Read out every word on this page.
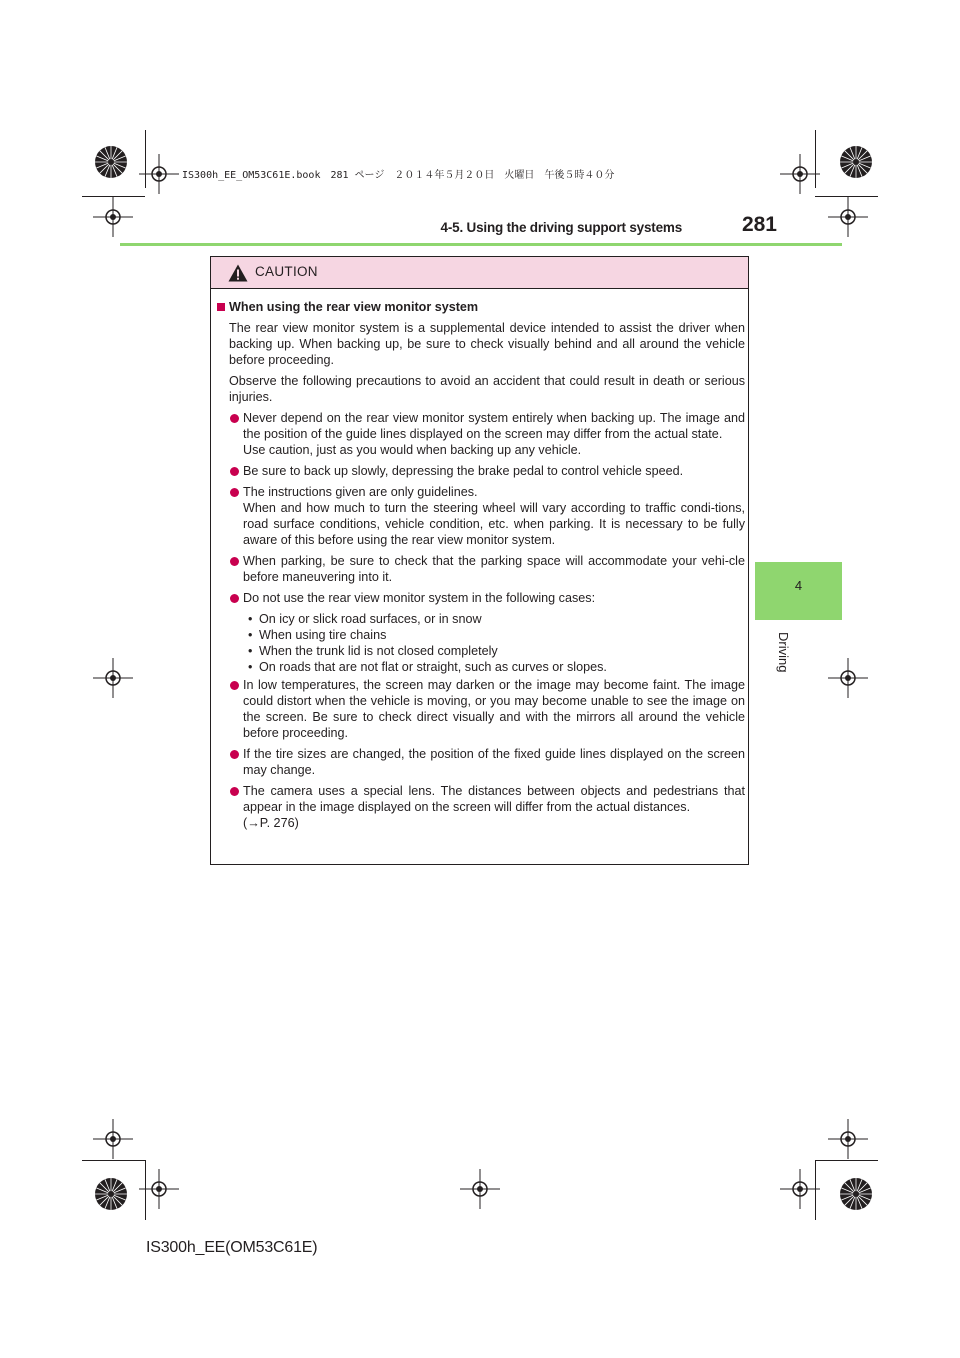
IS300h_EE_OM53C61E.book　281 ページ　２０１４年５月２０日　火曜日　午後５時４０分
4-5. Using the driving support systems	281
4
Driving
CAUTION
When using the rear view monitor system
The rear view monitor system is a supplemental device intended to assist the driver when backing up. When backing up, be sure to check visually behind and all around the vehicle before proceeding.
Observe the following precautions to avoid an accident that could result in death or serious injuries.

Never depend on the rear view monitor system entirely when backing up. The image and the position of the guide lines displayed on the screen may differ from the actual state.

Use caution, just as you would when backing up any vehicle.

Be sure to back up slowly, depressing the brake pedal to control vehicle speed.

The instructions given are only guidelines.

When and how much to turn the steering wheel will vary according to traffic condi-tions, road surface conditions, vehicle condition, etc. when parking. It is necessary to be fully aware of this before using the rear view monitor system.

When parking, be sure to check that the parking space will accommodate your vehi-cle before maneuvering into it.

Do not use the rear view monitor system in the following cases:

• On icy or slick road surfaces, or in snow
• When using tire chains
• When the trunk lid is not closed completely
• On roads that are not flat or straight, such as curves or slopes.

In low temperatures, the screen may darken or the image may become faint. The image could distort when the vehicle is moving, or you may become unable to see the image on the screen. Be sure to check direct visually and with the mirrors all around the vehicle before proceeding.

If the tire sizes are changed, the position of the fixed guide lines displayed on the screen may change.

The camera uses a special lens. The distances between objects and pedestrians that appear in the image displayed on the screen will differ from the actual distances.

(→P. 276)

IS300h_EE(OM53C61E)
